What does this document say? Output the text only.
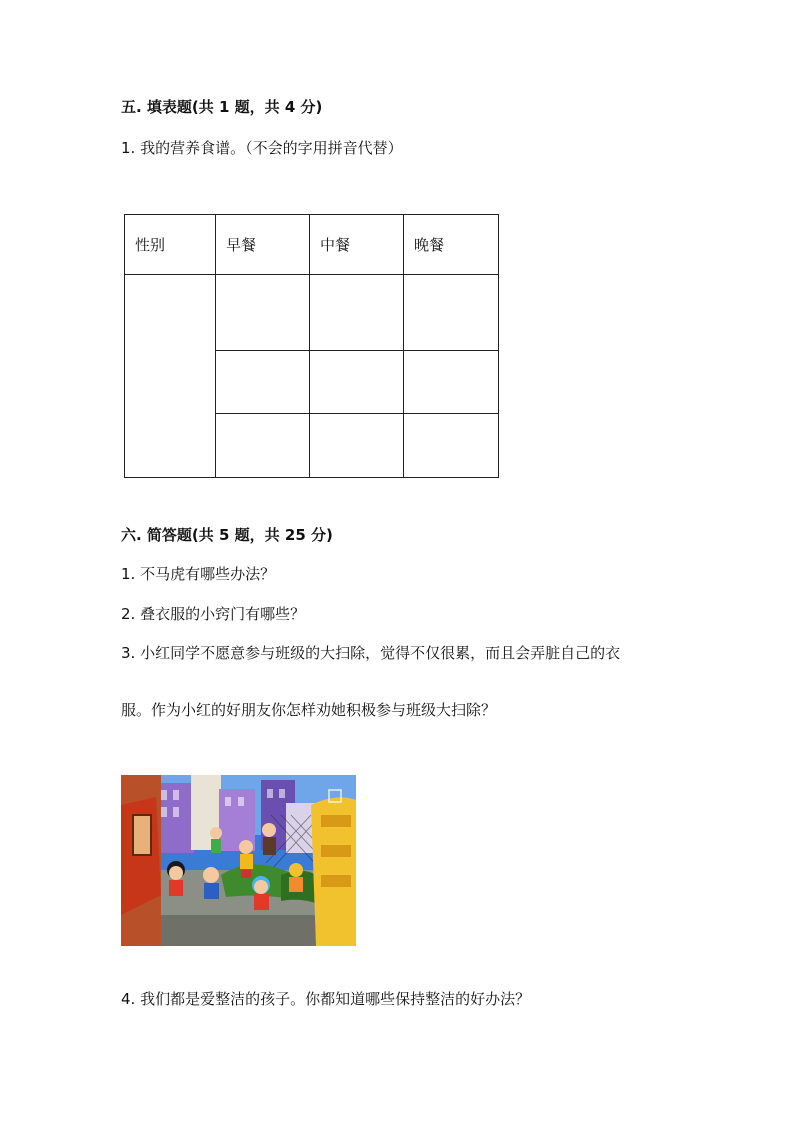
五. 填表题(共 1 题，共 4 分)
1. 我的营养食谱。（不会的字用拼音代替）
性别	早餐	中餐	晚餐

六. 简答题(共 5 题，共 25 分)
1. 不马虎有哪些办法？
2. 叠衣服的小窍门有哪些？
3. 小红同学不愿意参与班级的大扫除，觉得不仅很累，而且会弄脏自己的衣
服。作为小红的好朋友你怎样劝她积极参与班级大扫除？
4. 我们都是爱整洁的孩子。你都知道哪些保持整洁的好办法？
